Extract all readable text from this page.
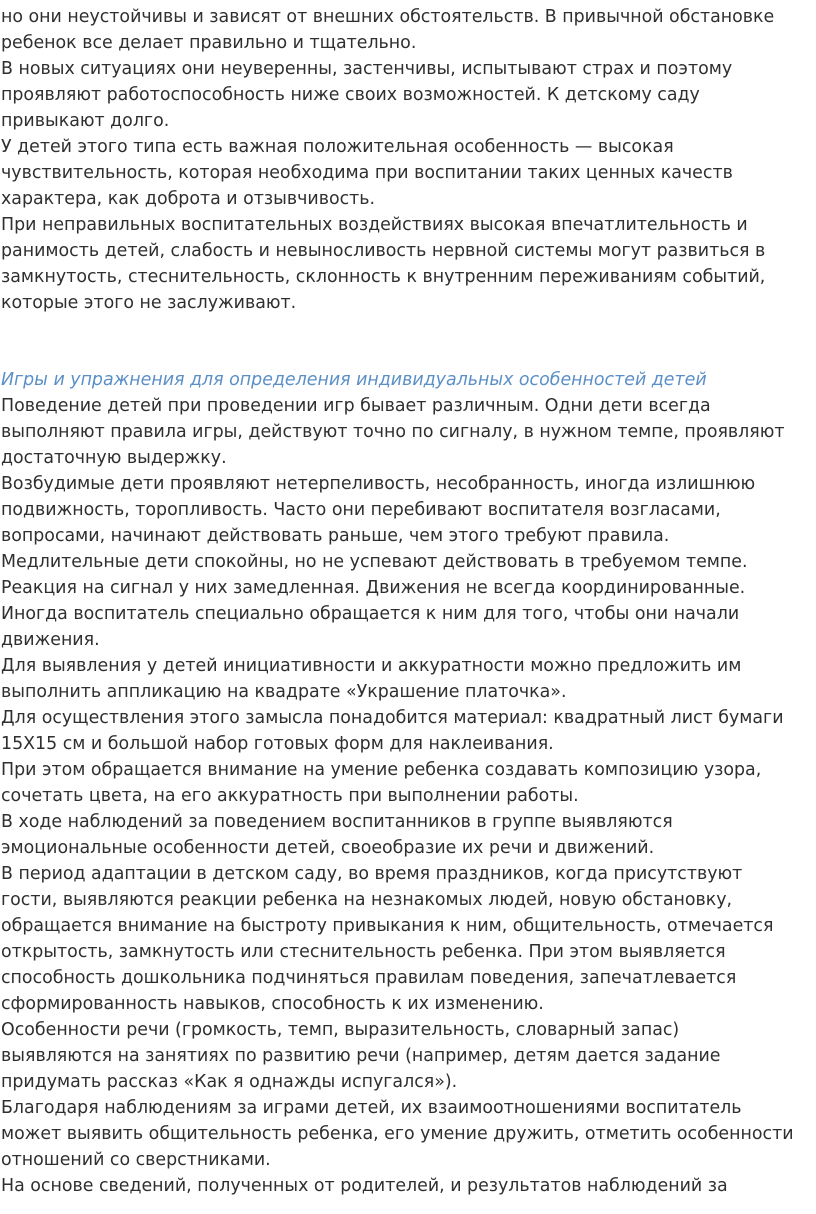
но они неустойчивы и зависят от внешних обстоятельств. В привычной обстановке
ребенок все делает правильно и тщательно.
В новых ситуациях они неуверенны, застенчивы, испытывают страх и поэтому
проявляют работоспособность ниже своих возможностей. К детскому саду
привыкают долго.
У детей этого типа есть важная положительная особенность — высокая
чувствительность, которая необходима при воспитании таких ценных качеств
характера, как доброта и отзывчивость.
При неправильных воспитательных воздействиях высокая впечатлительность и
ранимость детей, слабость и невыносливость нервной системы могут развиться в
замкнутость, стеснительность, склонность к внутренним переживаниям событий,
которые этого не заслуживают.
Игры и упражнения для определения индивидуальных особенностей детей
Поведение детей при проведении игр бывает различным. Одни дети всегда
выполняют правила игры, действуют точно по сигналу, в нужном темпе, проявляют
достаточную выдержку.
Возбудимые дети проявляют нетерпеливость, несобранность, иногда излишнюю
подвижность, торопливость. Часто они перебивают воспитателя возгласами,
вопросами, начинают действовать раньше, чем этого требуют правила.
Медлительные дети спокойны, но не успевают действовать в требуемом темпе.
Реакция на сигнал у них замедленная. Движения не всегда координированные.
Иногда воспитатель специально обращается к ним для того, чтобы они начали
движения.
Для выявления у детей инициативности и аккуратности можно предложить им
выполнить аппликацию на квадрате «Украшение платочка».
Для осуществления этого замысла понадобится материал: квадратный лист бумаги
15Х15 см и большой набор готовых форм для наклеивания.
При этом обращается внимание на умение ребенка создавать композицию узора,
сочетать цвета, на его аккуратность при выполнении работы.
В ходе наблюдений за поведением воспитанников в группе выявляются
эмоциональные особенности детей, своеобразие их речи и движений.
В период адаптации в детском саду, во время праздников, когда присутствуют
гости, выявляются реакции ребенка на незнакомых людей, новую обстановку,
обращается внимание на быстроту привыкания к ним, общительность, отмечается
открытость, замкнутость или стеснительность ребенка. При этом выявляется
способность дошкольника подчиняться правилам поведения, запечатлевается
сформированность навыков, способность к их изменению.
Особенности речи (громкость, темп, выразительность, словарный запас)
выявляются на занятиях по развитию речи (например, детям дается задание
придумать рассказ «Как я однажды испугался»).
Благодаря наблюдениям за играми детей, их взаимоотношениями воспитатель
может выявить общительность ребенка, его умение дружить, отметить особенности
отношений со сверстниками.
На основе сведений, полученных от родителей, и результатов наблюдений за
